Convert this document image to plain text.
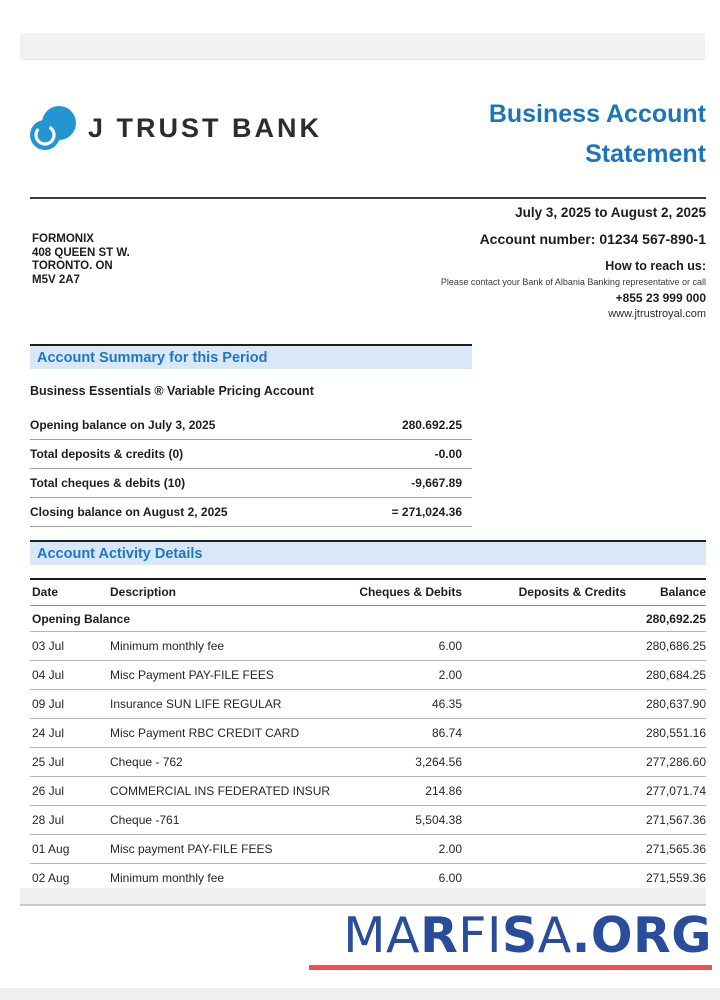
J TRUST BANK	Business Account
Statement
July 3, 2025 to August 2, 2025
Account number: 01234 567-890-1
FORMONIX
408 QUEEN ST W.
TORONTO. ON
M5V 2A7
How to reach us:
Please contact your Bank of Albania Banking representative or call
+855 23 999 000
www.jtrustroyal.com
Account Summary for this Period
Business Essentials ® Variable Pricing Account
Opening balance on July 3, 2025	280.692.25
Total deposits & credits (0)	-0.00
Total cheques & debits (10)	-9,667.89
Closing balance on August 2, 2025	= 271,024.36
Account Activity Details
Date	Description	Cheques & Debits	Deposits & Credits	Balance
Opening Balance				280,692.25
03 Jul	Minimum monthly fee	6.00		280,686.25
04 Jul	Misc Payment PAY-FILE FEES	2.00		280,684.25
09 Jul	Insurance SUN LIFE REGULAR	46.35		280,637.90
24 Jul	Misc Payment RBC CREDIT CARD	86.74		280,551.16
25 Jul	Cheque - 762	3,264.56		277,286.60
26 Jul	COMMERCIAL INS FEDERATED INSUR	214.86		277,071.74
28 Jul	Cheque -761	5,504.38		271,567.36
01 Aug	Misc payment PAY-FILE FEES	2.00		271,565.36
02 Aug	Minimum monthly fee	6.00		271,559.36
MARFISA.ORG
